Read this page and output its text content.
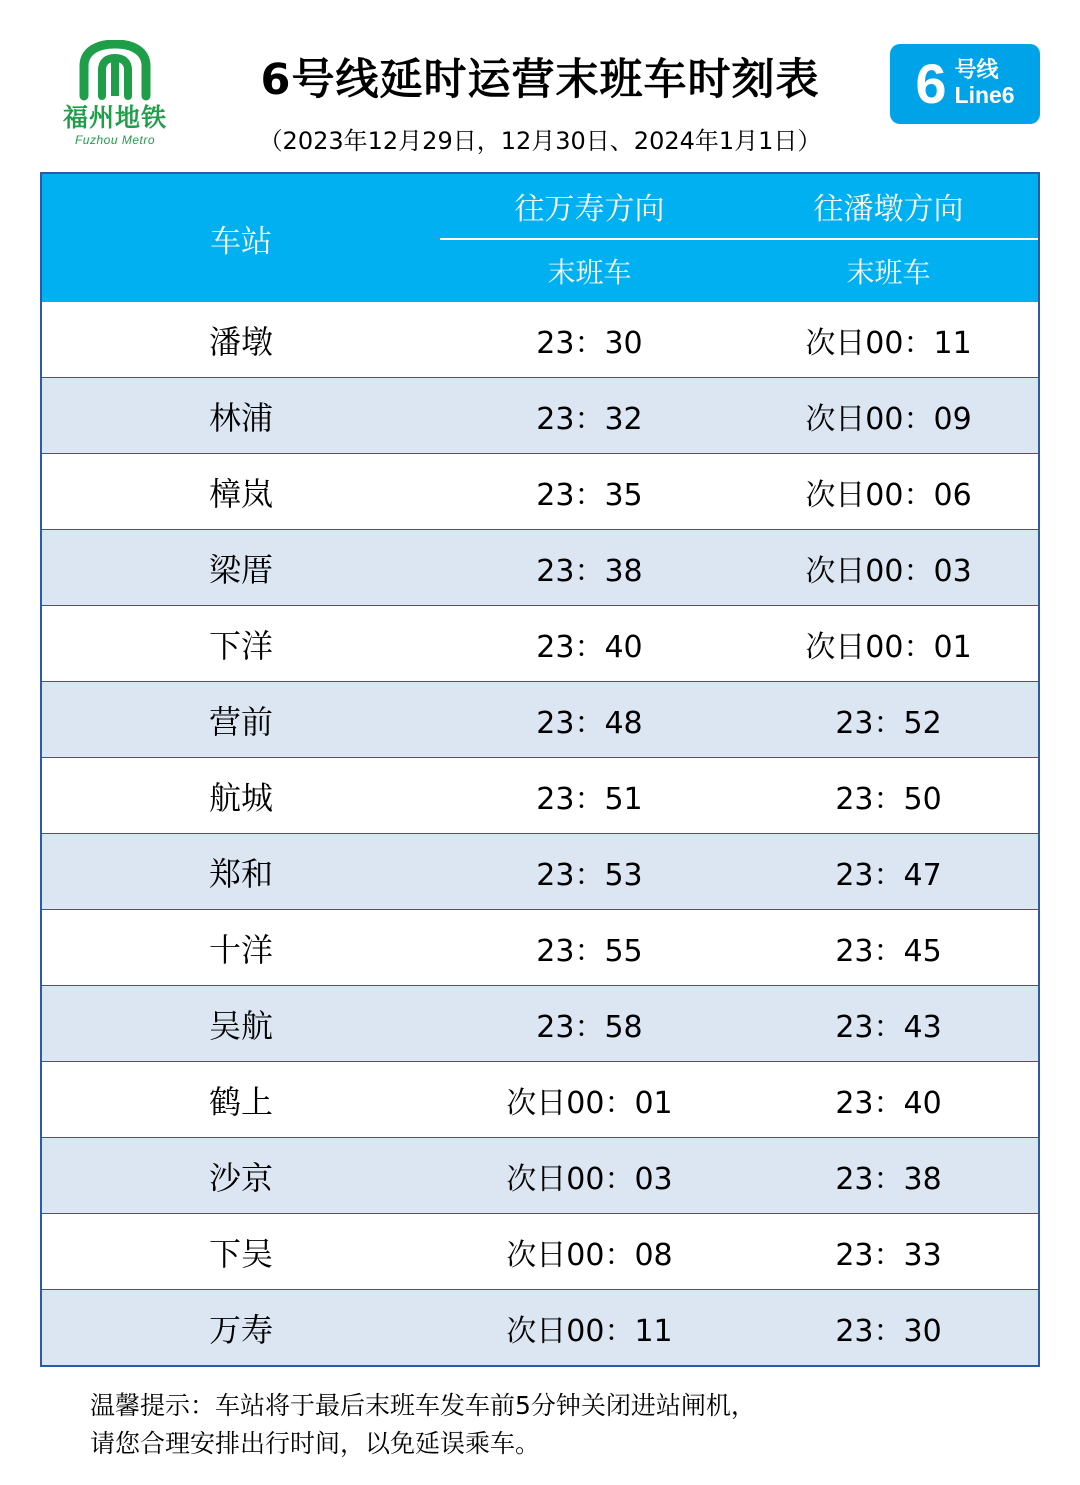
福州地铁
Fuzhou Metro
6号线延时运营末班车时刻表
（2023年12月29日，12月30日、2024年1月1日）
6 号线
Line6
车站	往万寿方向	往潘墩方向
	末班车	末班车
潘墩	23：30	次日00：11
林浦	23：32	次日00：09
樟岚	23：35	次日00：06
梁厝	23：38	次日00：03
下洋	23：40	次日00：01
营前	23：48	23：52
航城	23：51	23：50
郑和	23：53	23：47
十洋	23：55	23：45
吴航	23：58	23：43
鹤上	次日00：01	23：40
沙京	次日00：03	23：38
下吴	次日00：08	23：33
万寿	次日00：11	23：30
温馨提示：车站将于最后末班车发车前5分钟关闭进站闸机，
请您合理安排出行时间，以免延误乘车。
